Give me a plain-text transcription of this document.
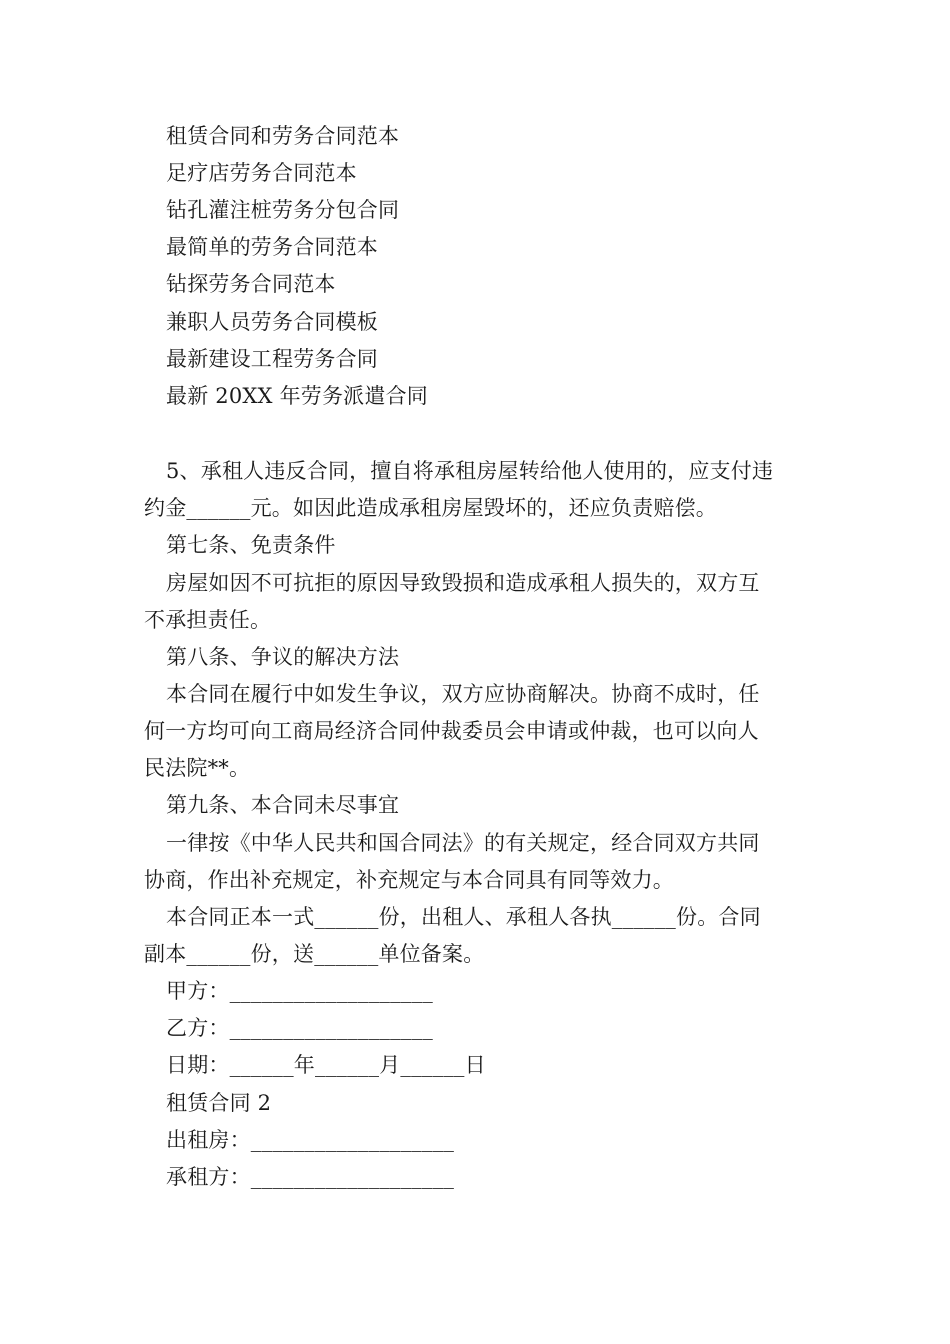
租赁合同和劳务合同范本
足疗店劳务合同范本
钻孔灌注桩劳务分包合同
最简单的劳务合同范本
钻探劳务合同范本
兼职人员劳务合同模板
最新建设工程劳务合同
最新 20XX 年劳务派遣合同
5、承租人违反合同，擅自将承租房屋转给他人使用的，应支付违
约金______元。如因此造成承租房屋毁坏的，还应负责赔偿。
第七条、免责条件
房屋如因不可抗拒的原因导致毁损和造成承租人损失的，双方互
不承担责任。
第八条、争议的解决方法
本合同在履行中如发生争议，双方应协商解决。协商不成时，任
何一方均可向工商局经济合同仲裁委员会申请或仲裁，也可以向人
民法院**。
第九条、本合同未尽事宜
一律按《中华人民共和国合同法》的有关规定，经合同双方共同
协商，作出补充规定，补充规定与本合同具有同等效力。
本合同正本一式______份，出租人、承租人各执______份。合同
副本______份，送______单位备案。
甲方：___________________
乙方：___________________
日期：______年______月______日
租赁合同 2
出租房：___________________
承租方：___________________
